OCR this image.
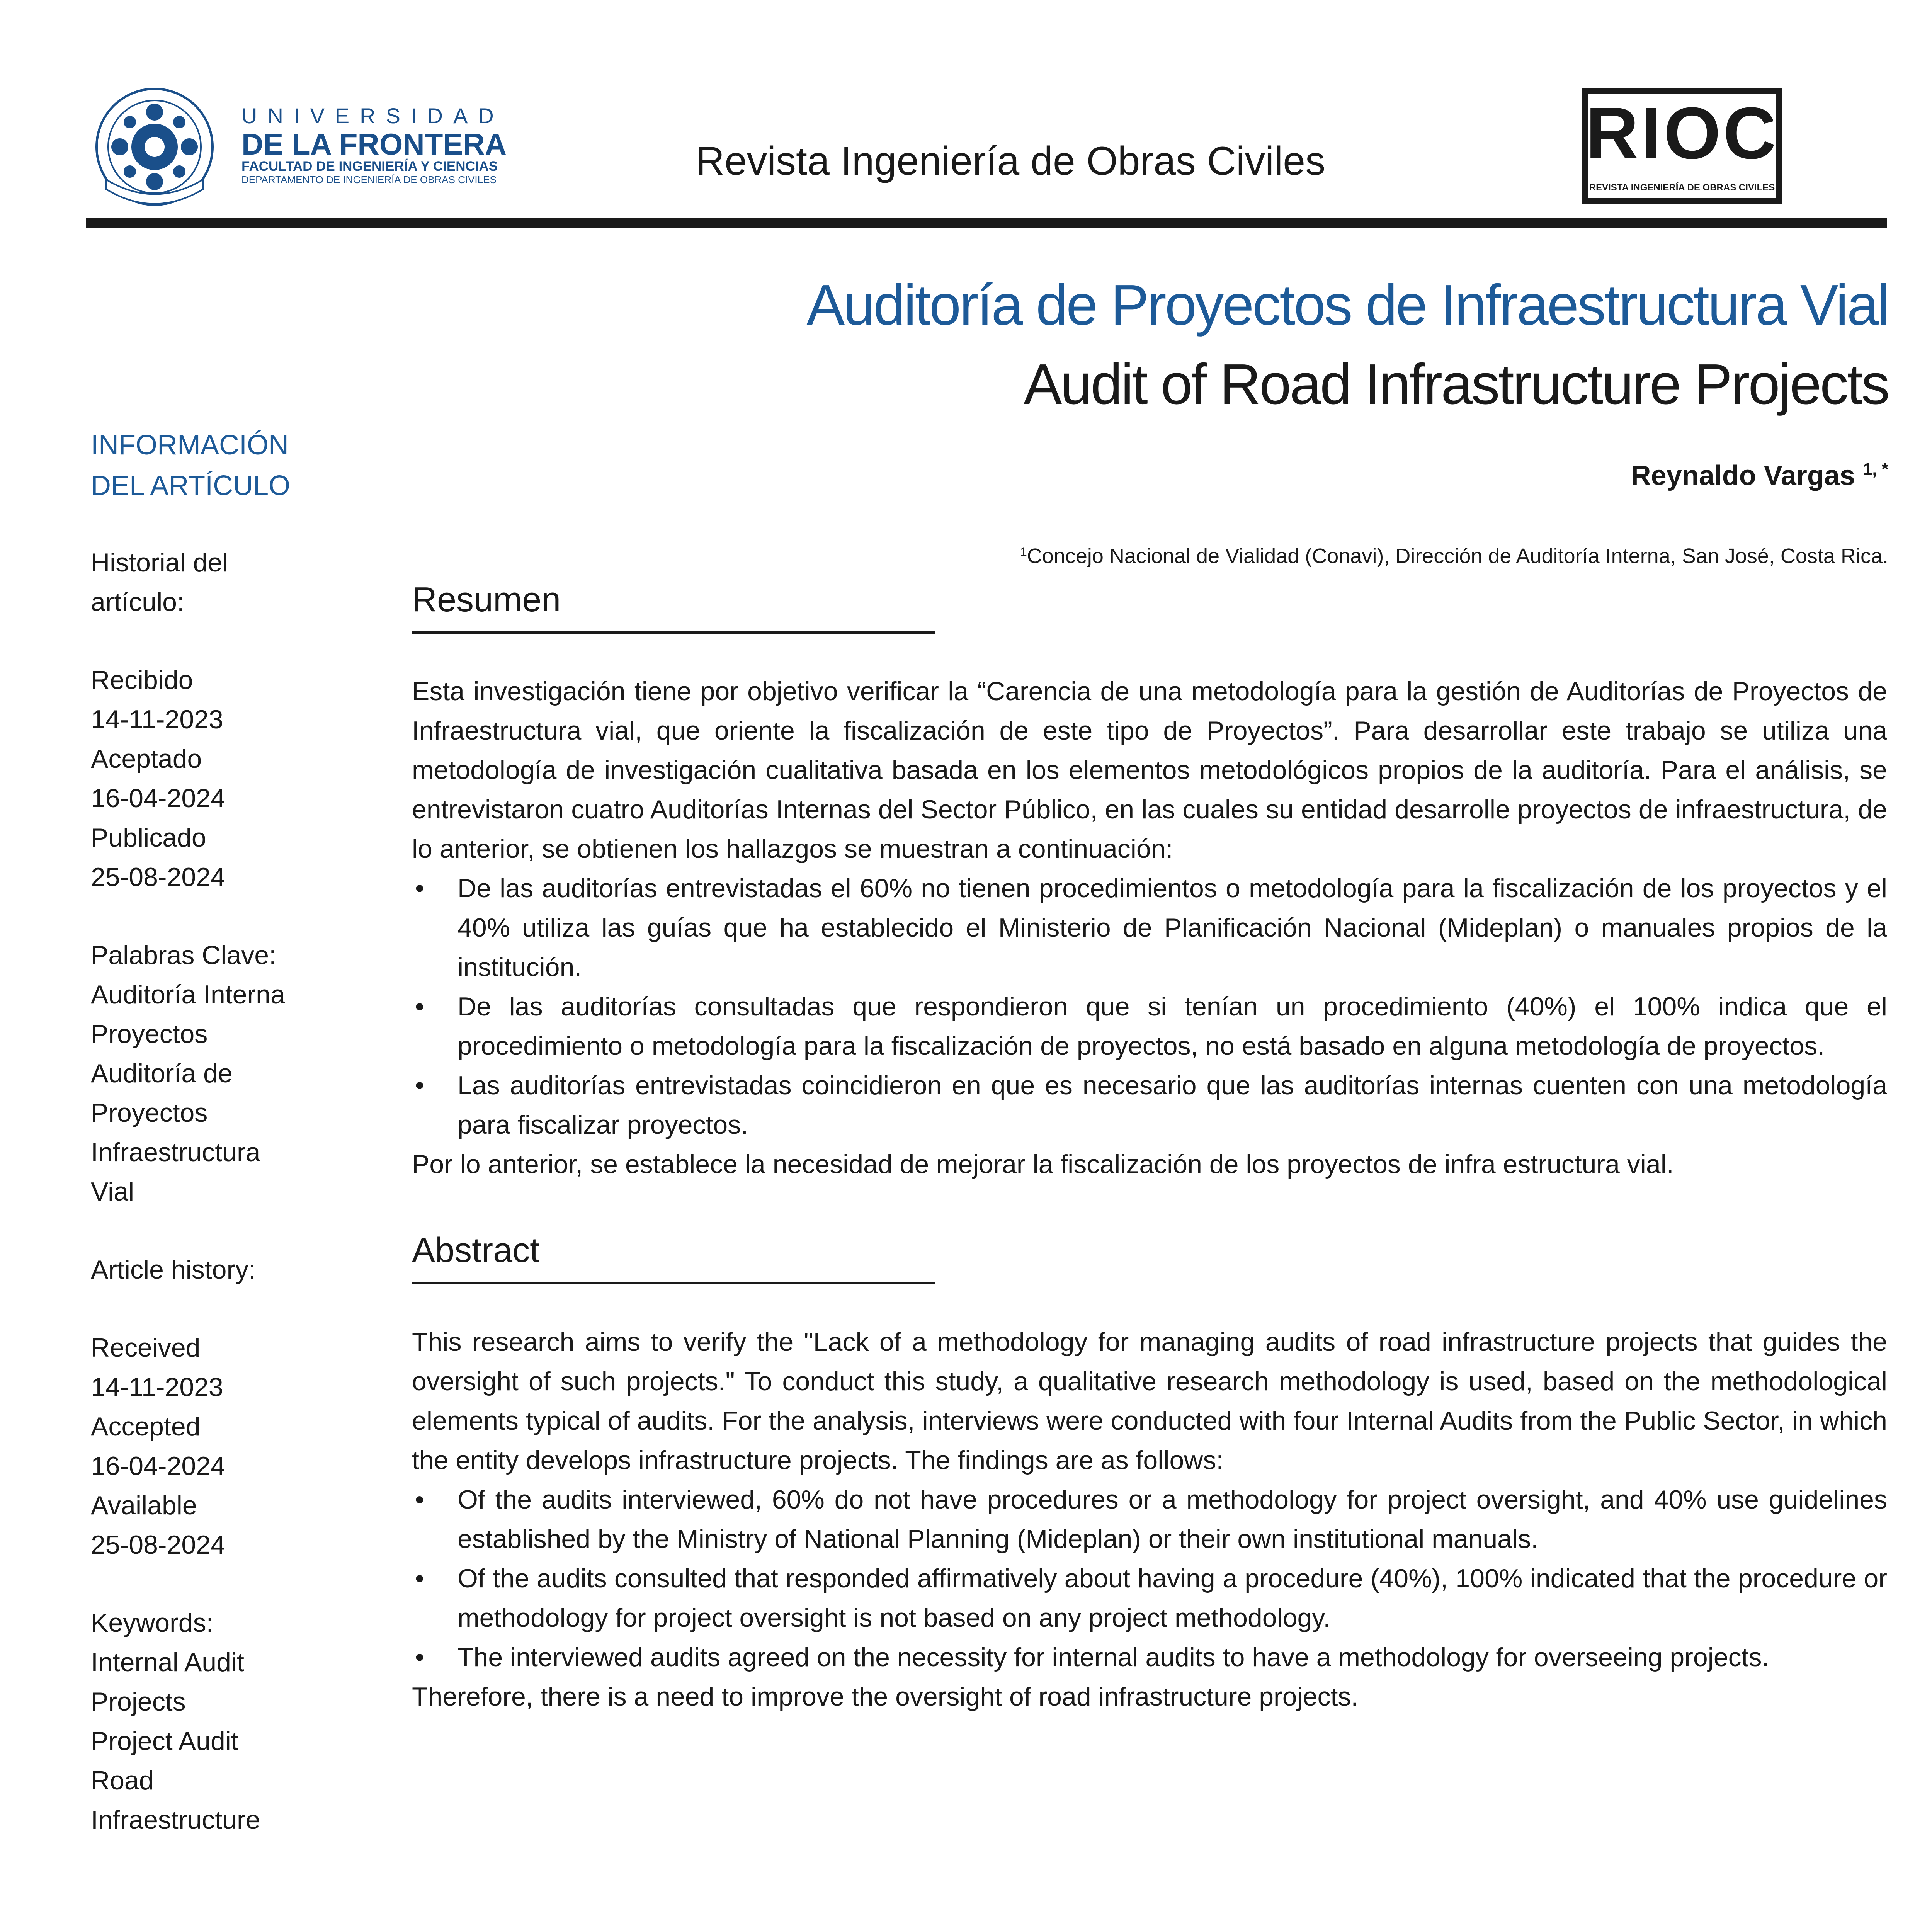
UNIVERSIDAD
DE LA FRONTERA
FACULTAD DE INGENIERÍA Y CIENCIAS
DEPARTAMENTO DE INGENIERÍA DE OBRAS CIVILES	Revista Ingeniería de Obras Civiles	RIOC
REVISTA INGENIERÍA DE OBRAS CIVILES
Auditoría de Proyectos de Infraestructura Vial
Audit of Road Infrastructure Projects
Reynaldo Vargas $^{1, *}$
$^1$Concejo Nacional de Vialidad (Conavi), Dirección de Auditoría Interna, San José, Costa Rica.
INFORMACIÓN
DEL ARTÍCULO
Historial del
artículo:
Recibido
14-11-2023
Aceptado
16-04-2024
Publicado
25-08-2024
Palabras Clave:
Auditoría Interna
Proyectos
Auditoría de
Proyectos
Infraestructura
Vial
Article history:
Received
14-11-2023
Accepted
16-04-2024
Available
25-08-2024
Keywords:
Internal Audit
Projects
Project Audit
Road
Infraestructure
Resumen

Esta investigación tiene por objetivo verificar la “Carencia de una metodología para la gestión de Auditorías de Proyectos de Infraestructura vial, que oriente la fiscalización de este tipo de Proyectos”. Para desarrollar este trabajo se utiliza una metodología de investigación cualitativa basada en los elementos metodológicos propios de la auditoría. Para el análisis, se entrevistaron cuatro Auditorías Internas del Sector Público, en las cuales su entidad desarrolle proyectos de infraestructura, de lo anterior, se obtienen los hallazgos se muestran a continuación:

• De las auditorías entrevistadas el 60% no tienen procedimientos o metodología para la fiscalización de los proyectos y el 40% utiliza las guías que ha establecido el Ministerio de Planificación Nacional (Mideplan) o manuales propios de la institución.
• De las auditorías consultadas que respondieron que si tenían un procedimiento (40%) el 100% indica que el procedimiento o metodología para la fiscalización de proyectos, no está basado en alguna metodología de proyectos.
• Las auditorías entrevistadas coincidieron en que es necesario que las auditorías internas cuenten con una metodología para fiscalizar proyectos.

Por lo anterior, se establece la necesidad de mejorar la fiscalización de los proyectos de infra estructura vial.

Abstract

This research aims to verify the "Lack of a methodology for managing audits of road infrastructure projects that guides the oversight of such projects." To conduct this study, a qualitative research methodology is used, based on the methodological elements typical of audits. For the analysis, interviews were conducted with four Internal Audits from the Public Sector, in which the entity develops infrastructure projects. The findings are as follows:

• Of the audits interviewed, 60% do not have procedures or a methodology for project oversight, and 40% use guidelines established by the Ministry of National Planning (Mideplan) or their own institutional manuals.
• Of the audits consulted that responded affirmatively about having a procedure (40%), 100% indicated that the procedure or methodology for project oversight is not based on any project methodology.
• The interviewed audits agreed on the necessity for internal audits to have a methodology for overseeing projects.

Therefore, there is a need to improve the oversight of road infrastructure projects.
